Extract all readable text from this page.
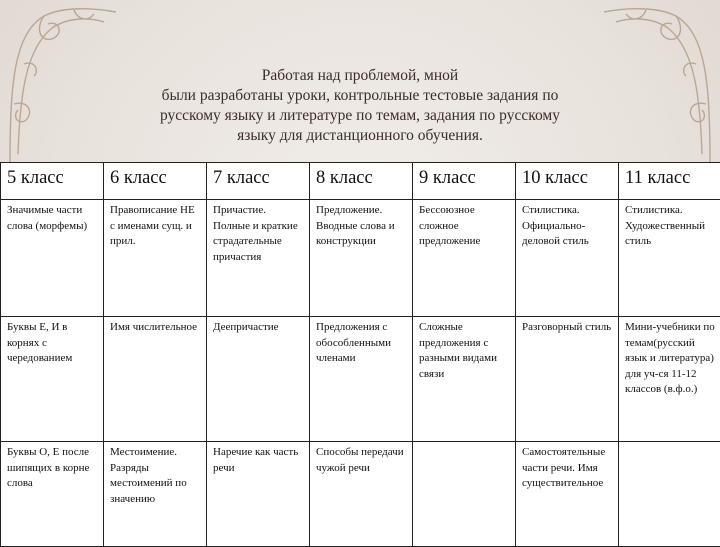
Работая над проблемой, мной
были разработаны уроки, контрольные тестовые задания по
русскому языку и литературе по темам, задания по русскому
языку для дистанционного обучения.
5 класс	6 класс	7 класс	8 класс	9 класс	10 класс	11 класс
Значимые части слова (морфемы)	Правописание НЕ с именами сущ. и прил.	Причастие. Полные и краткие страдательные причастия	Предложение. Вводные слова и конструкции	Бессоюзное сложное предложение	Стилистика. Официально-деловой стиль	Стилистика. Художественный стиль
Буквы Е, И в корнях с чередованием	Имя числительное	Деепричастие	Предложения с обособленными членами	Сложные предложения с разными видами связи	Разговорный стиль	Мини-учебники по темам(русский язык и литература) для уч-ся 11-12 классов (в.ф.о.)
Буквы О, Е после шипящих в корне слова	Местоимение. Разряды местоимений по значению	Наречие как часть речи	Способы передачи чужой речи		Самостоятельные части речи. Имя существительное	
